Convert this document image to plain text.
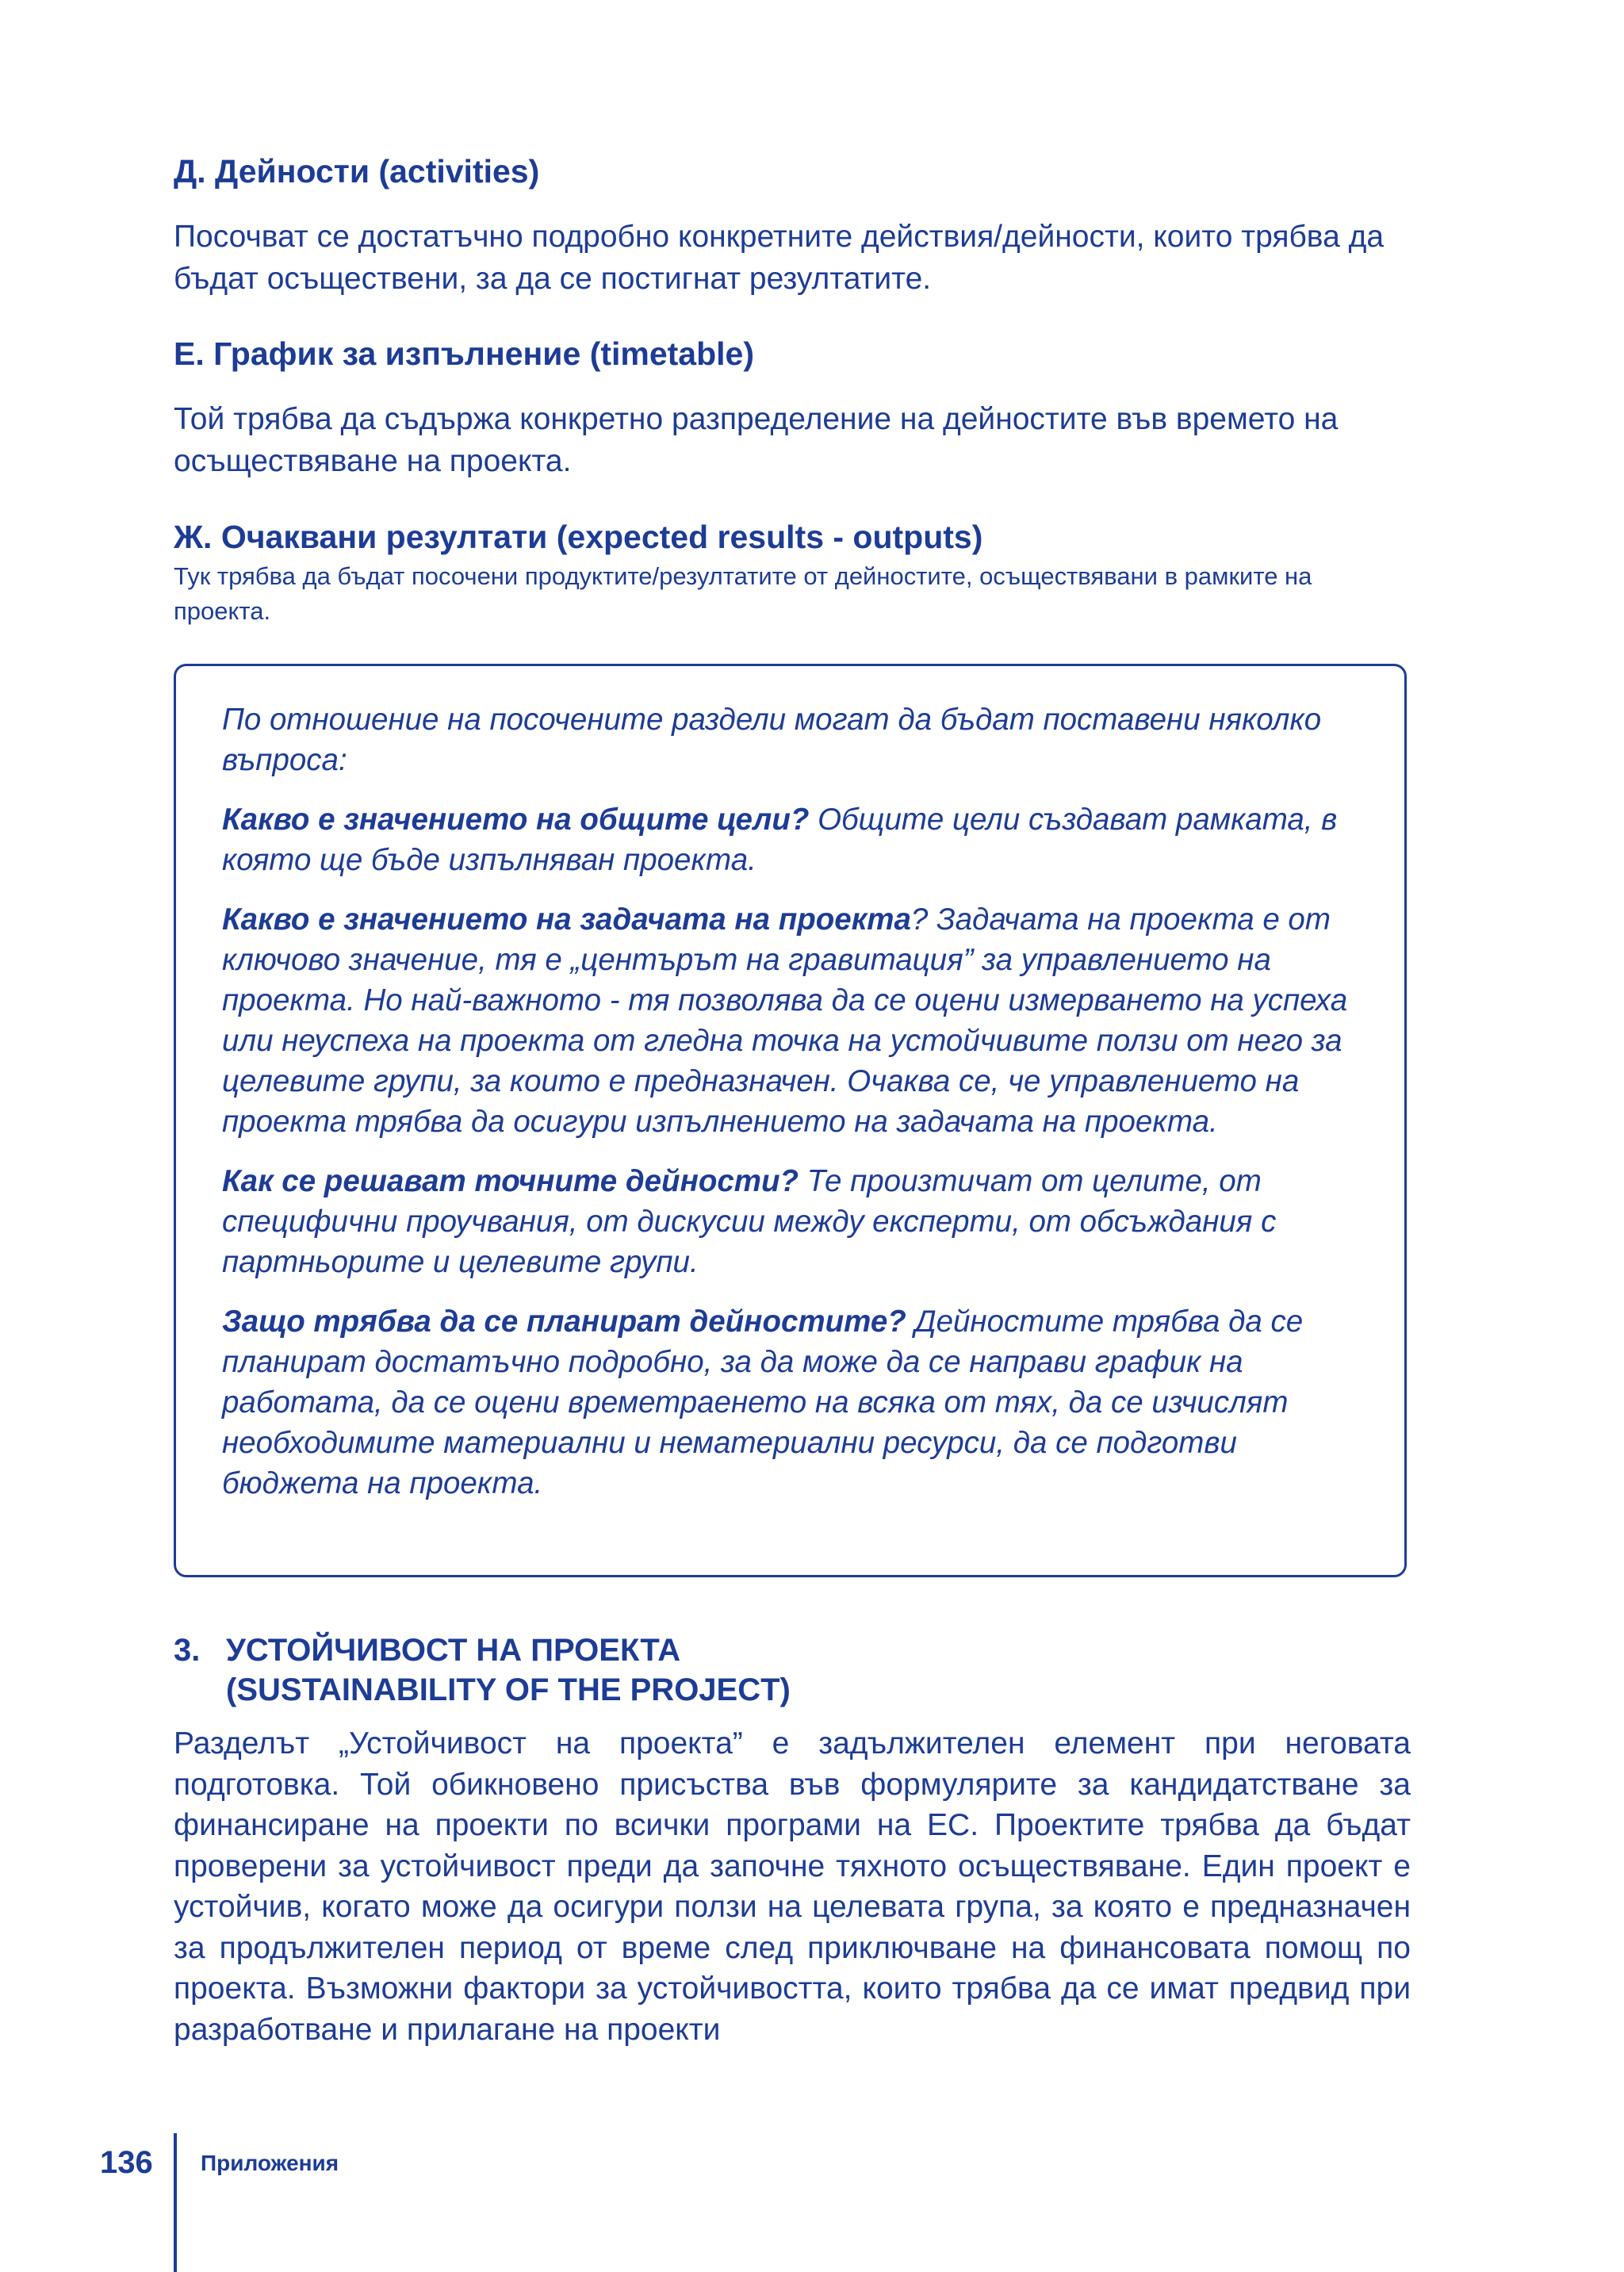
Д. Дейности (activities)

Посочват се достатъчно подробно конкретните действия/дейности, които трябва да бъдат осъществени, за да се постигнат резултатите.

Е. График за изпълнение (timetable)

Той трябва да съдържа конкретно разпределение на дейностите във времето на осъществяване на проекта.

Ж. Очаквани резултати (expected results - outputs)

Тук трябва да бъдат посочени продуктите/резултатите от дейностите, осъществявани в рамките на проекта.

По отношение на посочените раздели могат да бъдат поставени няколко въпроса:

Какво е значението на общите цели? Общите цели създават рамката, в която ще бъде изпълняван проекта.

Какво е значението на задачата на проекта? Задачата на проекта е от ключово значение, тя е „центърът на гравитация” за управлението на проекта. Но най-важното - тя позволява да се оцени измерването на успеха или неуспеха на проекта от гледна точка на устойчивите ползи от него за целевите групи, за които е предназначен. Очаква се, че управлението на проекта трябва да осигури изпълнението на задачата на проекта.

Как се решават точните дейности? Те произтичат от целите, от специфични проучвания, от дискусии между експерти, от обсъждания с партньорите и целевите групи.

Защо трябва да се планират дейностите? Дейностите трябва да се планират достатъчно подробно, за да може да се направи график на работата, да се оцени времетраенето на всяка от тях, да се изчислят необходимите материални и нематериални ресурси, да се подготви бюджета на проекта.

3. УСТОЙЧИВОСТ НА ПРОЕКТА
(SUSTAINABILITY OF THE PROJECT)

Разделът „Устойчивост на проекта” е задължителен елемент при неговата подготовка. Той обикновено присъства във формулярите за кандидатстване за финансиране на проекти по всички програми на ЕС. Проектите трябва да бъдат проверени за устойчивост преди да започне тяхното осъществяване. Един проект е устойчив, когато може да осигури ползи на целевата група, за която е предназначен за продължителен период от време след приключване на финансовата помощ по проекта. Възможни фактори за устойчивостта, които трябва да се имат предвид при разработване и прилагане на проекти

136 Приложения
